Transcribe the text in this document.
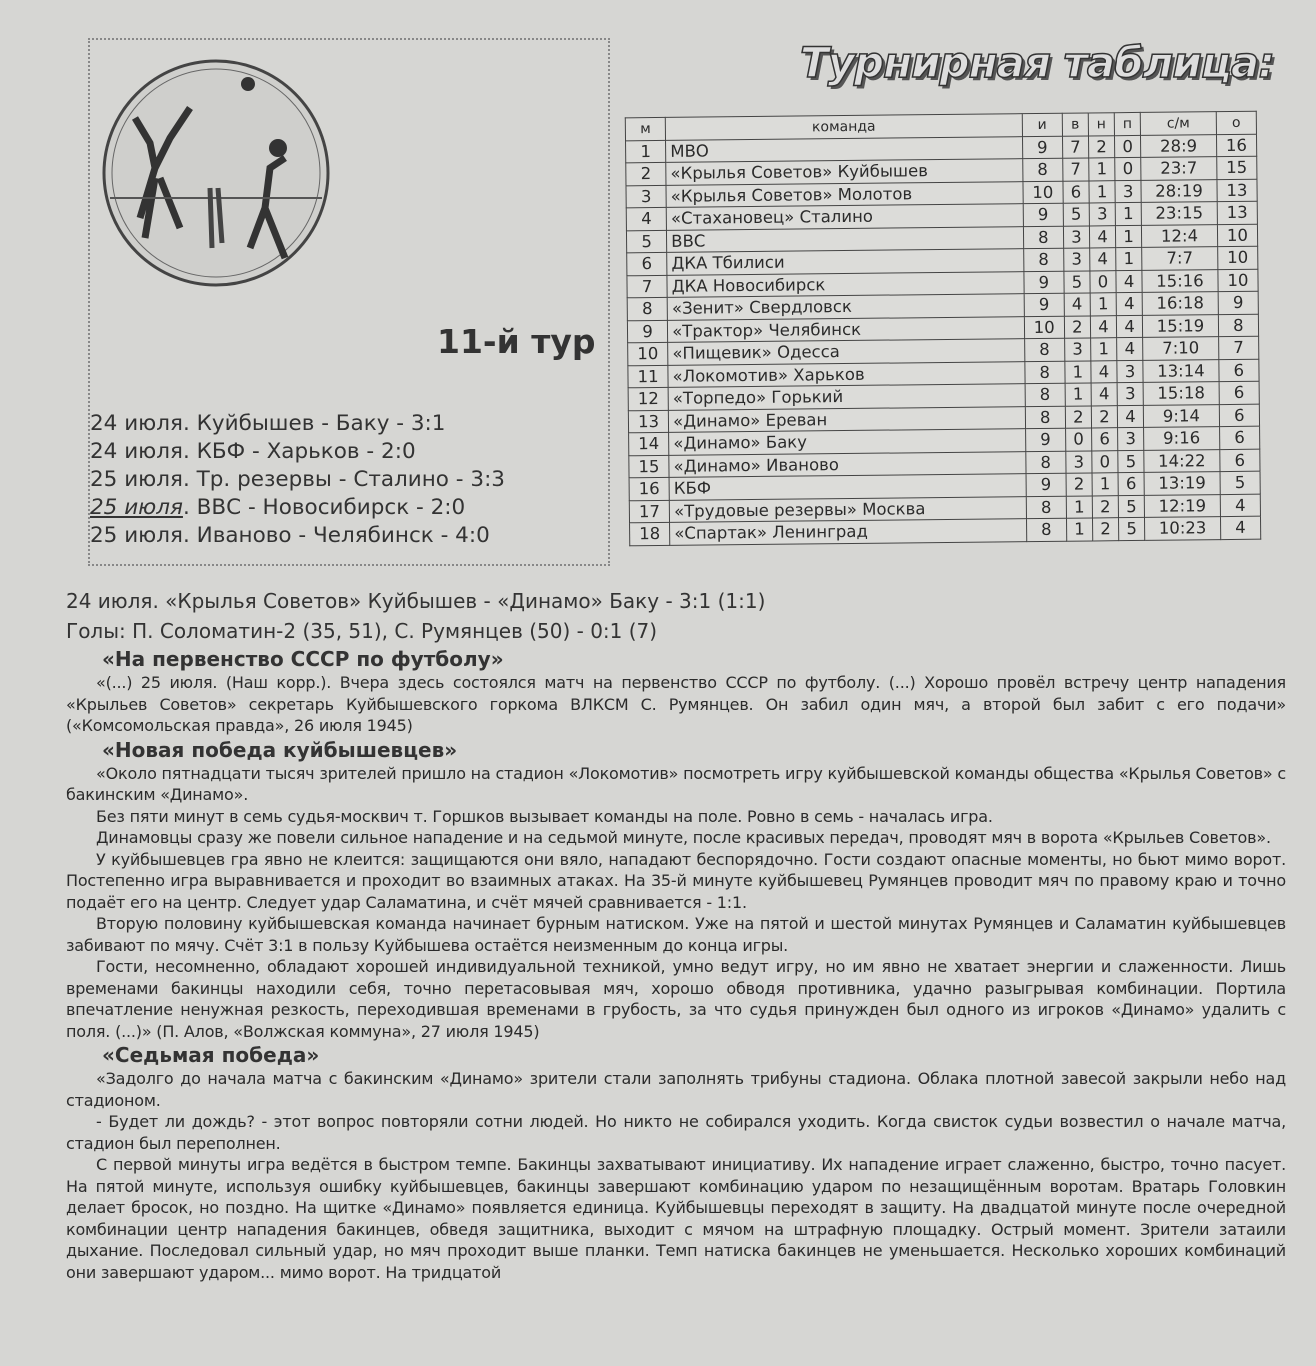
11-й тур
24 июля. Куйбышев - Баку - 3:1
24 июля. КБФ - Харьков - 2:0
25 июля. Тр. резервы - Сталино - 3:3
25 июля. ВВС - Новосибирск - 2:0
25 июля. Иваново - Челябинск - 4:0
Турнирная таблица:
м	команда	и	в	н	п	с/м	о
1	МВО	9	7	2	0	28:9	16
2	«Крылья Советов» Куйбышев	8	7	1	0	23:7	15
3	«Крылья Советов» Молотов	10	6	1	3	28:19	13
4	«Стахановец» Сталино	9	5	3	1	23:15	13
5	ВВС	8	3	4	1	12:4	10
6	ДКА Тбилиси	8	3	4	1	7:7	10
7	ДКА Новосибирск	9	5	0	4	15:16	10
8	«Зенит» Свердловск	9	4	1	4	16:18	9
9	«Трактор» Челябинск	10	2	4	4	15:19	8
10	«Пищевик» Одесса	8	3	1	4	7:10	7
11	«Локомотив» Харьков	8	1	4	3	13:14	6
12	«Торпедо» Горький	8	1	4	3	15:18	6
13	«Динамо» Ереван	8	2	2	4	9:14	6
14	«Динамо» Баку	9	0	6	3	9:16	6
15	«Динамо» Иваново	8	3	0	5	14:22	6
16	КБФ	9	2	1	6	13:19	5
17	«Трудовые резервы» Москва	8	1	2	5	12:19	4
18	«Спартак» Ленинград	8	1	2	5	10:23	4
24 июля. «Крылья Советов» Куйбышев - «Динамо» Баку - 3:1 (1:1)
Голы: П. Соломатин-2 (35, 51), С. Румянцев (50) - 0:1 (7)
«На первенство СССР по футболу»

«(...) 25 июля. (Наш корр.). Вчера здесь состоялся матч на первенство СССР по футболу. (...) Хорошо провёл встречу центр нападения «Крыльев Советов» секретарь Куйбышевского горкома ВЛКСМ С. Румянцев. Он забил один мяч, а второй был забит с его подачи» («Комсомольская правда», 26 июля 1945)

«Новая победа куйбышевцев»

«Около пятнадцати тысяч зрителей пришло на стадион «Локомотив» посмотреть игру куйбышевской команды общества «Крылья Советов» с бакинским «Динамо».

Без пяти минут в семь судья-москвич т. Горшков вызывает команды на поле. Ровно в семь - началась игра.

Динамовцы сразу же повели сильное нападение и на седьмой минуте, после красивых передач, проводят мяч в ворота «Крыльев Советов».

У куйбышевцев гра явно не клеится: защищаются они вяло, нападают беспорядочно. Гости создают опасные моменты, но бьют мимо ворот. Постепенно игра выравнивается и проходит во взаимных атаках. На 35-й минуте куйбышевец Румянцев проводит мяч по правому краю и точно подаёт его на центр. Следует удар Саламатина, и счёт мячей сравнивается - 1:1.

Вторую половину куйбышевская команда начинает бурным натиском. Уже на пятой и шестой минутах Румянцев и Саламатин куйбышевцев забивают по мячу. Счёт 3:1 в пользу Куйбышева остаётся неизменным до конца игры.

Гости, несомненно, обладают хорошей индивидуальной техникой, умно ведут игру, но им явно не хватает энергии и слаженности. Лишь временами бакинцы находили себя, точно перетасовывая мяч, хорошо обводя противника, удачно разыгрывая комбинации. Портила впечатление ненужная резкость, переходившая временами в грубость, за что судья принужден был одного из игроков «Динамо» удалить с поля. (...)» (П. Алов, «Волжская коммуна», 27 июля 1945)

«Седьмая победа»

«Задолго до начала матча с бакинским «Динамо» зрители стали заполнять трибуны стадиона. Облака плотной завесой закрыли небо над стадионом.

- Будет ли дождь? - этот вопрос повторяли сотни людей. Но никто не собирался уходить. Когда свисток судьи возвестил о начале матча, стадион был переполнен.

С первой минуты игра ведётся в быстром темпе. Бакинцы захватывают инициативу. Их нападение играет слаженно, быстро, точно пасует. На пятой минуте, используя ошибку куйбышевцев, бакинцы завершают комбинацию ударом по незащищённым воротам. Вратарь Головкин делает бросок, но поздно. На щитке «Динамо» появляется единица. Куйбышевцы переходят в защиту. На двадцатой минуте после очередной комбинации центр нападения бакинцев, обведя защитника, выходит с мячом на штрафную площадку. Острый момент. Зрители затаили дыхание. Последовал сильный удар, но мяч проходит выше планки. Темп натиска бакинцев не уменьшается. Несколько хороших комбинаций они завершают ударом... мимо ворот. На тридцатой
